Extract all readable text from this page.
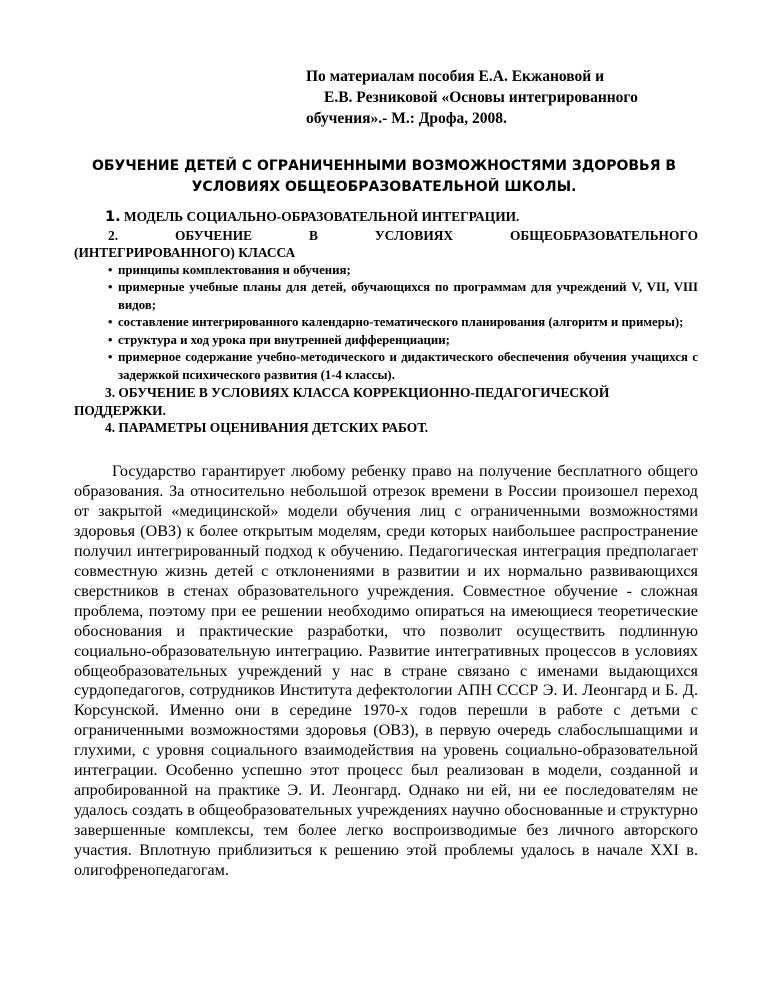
По материалам пособия Е.А. Екжановой и
Е.В. Резниковой «Основы интегрированного
обучения».- М.: Дрофа, 2008.
ОБУЧЕНИЕ ДЕТЕЙ С ОГРАНИЧЕННЫМИ ВОЗМОЖНОСТЯМИ ЗДОРОВЬЯ В УСЛОВИЯХ ОБЩЕОБРАЗОВАТЕЛЬНОЙ ШКОЛЫ.
1. МОДЕЛЬ СОЦИАЛЬНО-ОБРАЗОВАТЕЛЬНОЙ ИНТЕГРАЦИИ.
2. ОБУЧЕНИЕ В УСЛОВИЯХ ОБЩЕОБРАЗОВАТЕЛЬНОГО
(ИНТЕГРИРОВАННОГО) КЛАССА
• принципы комплектования и обучения;
• примерные учебные планы для детей, обучающихся по программам для учреждений V, VII, VIII видов;
• составление интегрированного календарно-тематического планирования (алгоритм и примеры);
• структура и ход урока при внутренней дифференциации;
• примерное содержание учебно-методического и дидактического обеспечения обучения учащихся с задержкой психического развития (1-4 классы).
3. ОБУЧЕНИЕ В УСЛОВИЯХ КЛАССА КОРРЕКЦИОННО-ПЕДАГОГИЧЕСКОЙ
ПОДДЕРЖКИ.
4. ПАРАМЕТРЫ ОЦЕНИВАНИЯ ДЕТСКИХ РАБОТ.

Государство гарантирует любому ребенку право на получение бесплатного общего образования. За относительно небольшой отрезок времени в России произошел переход от закрытой «медицинской» модели обучения лиц с ограниченными возможностями здоровья (ОВЗ) к более открытым моделям, среди которых наибольшее распространение получил интегрированный подход к обучению. Педагогическая интеграция предполагает совместную жизнь детей с отклонениями в развитии и их нормально развивающихся сверстников в стенах образовательного учреждения. Совместное обучение - сложная проблема, поэтому при ее решении необходимо опираться на имеющиеся теоретические обоснования и практические разработки, что позволит осуществить подлинную социально-образовательную интеграцию. Развитие интегративных процессов в условиях общеобразовательных учреждений у нас в стране связано с именами выдающихся сурдопедагогов, сотрудников Института дефектологии АПН СССР Э. И. Леонгард и Б. Д. Корсунской. Именно они в середине 1970-х годов перешли в работе с детьми с ограниченными возможностями здоровья (ОВЗ), в первую очередь слабослышащими и глухими, с уровня социального взаимодействия на уровень социально-образовательной интеграции. Особенно успешно этот процесс был реализован в модели, созданной и апробированной на практике Э. И. Леонгард. Однако ни ей, ни ее последователям не удалось создать в общеобразовательных учреждениях научно обоснованные и структурно завершенные комплексы, тем более легко воспроизводимые без личного авторского участия. Вплотную приблизиться к решению этой проблемы удалось в начале XXI в. олигофренопедагогам.
